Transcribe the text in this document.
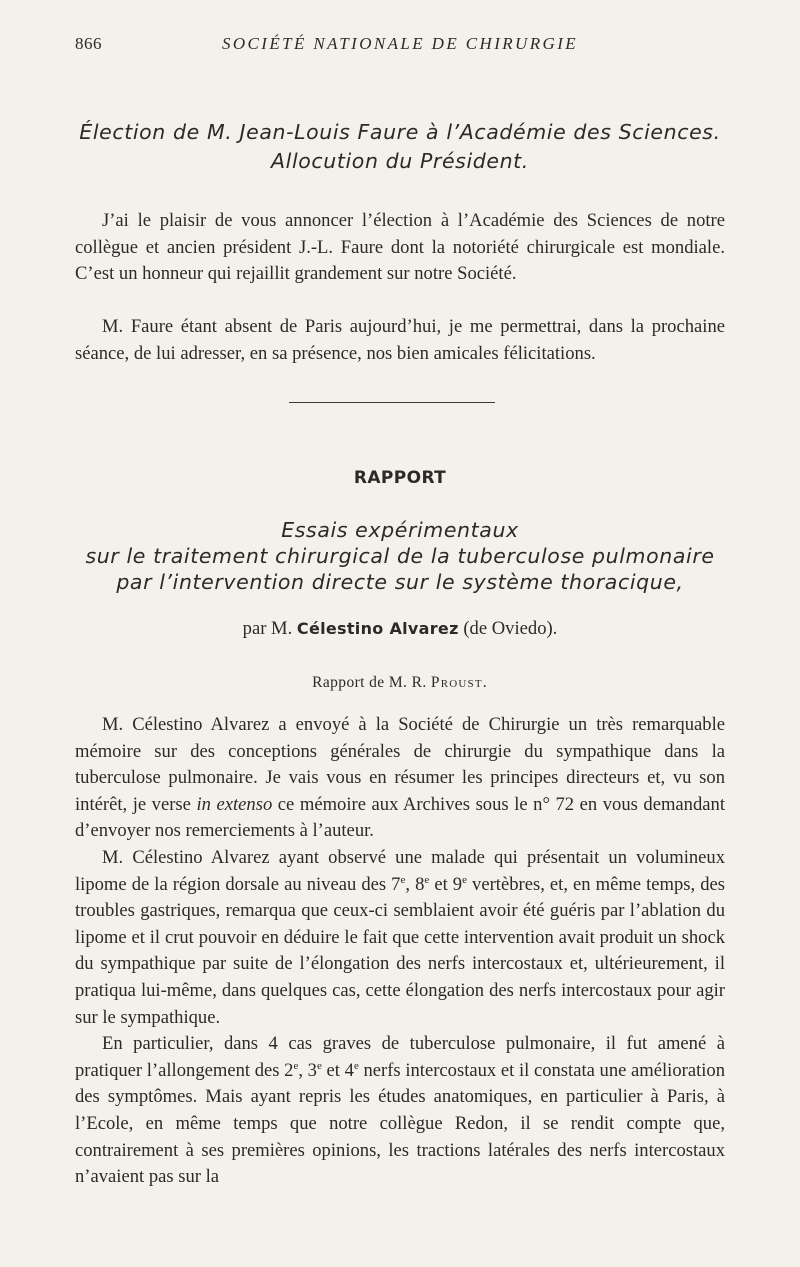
866	SOCIÉTÉ NATIONALE DE CHIRURGIE
Élection de M. Jean-Louis Faure à l’Académie des Sciences.
Allocution du Président.

J’ai le plaisir de vous annoncer l’élection à l’Académie des Sciences de notre collègue et ancien président J.-L. Faure dont la notoriété chirurgicale est mondiale. C’est un honneur qui rejaillit grandement sur notre Société.

M. Faure étant absent de Paris aujourd’hui, je me permettrai, dans la prochaine séance, de lui adresser, en sa présence, nos bien amicales félicitations.

RAPPORT
Essais expérimentaux
sur le traitement chirurgical de la tuberculose pulmonaire
par l’intervention directe sur le système thoracique,
par M. Célestino Alvarez (de Oviedo).
Rapport de M. R. Proust.

M. Célestino Alvarez a envoyé à la Société de Chirurgie un très remarquable mémoire sur des conceptions générales de chirurgie du sympathique dans la tuberculose pulmonaire. Je vais vous en résumer les principes directeurs et, vu son intérêt, je verse in extenso ce mémoire aux Archives sous le n° 72 en vous demandant d’envoyer nos remerciements à l’auteur.

M. Célestino Alvarez ayant observé une malade qui présentait un volumineux lipome de la région dorsale au niveau des 7e, 8e et 9e vertèbres, et, en même temps, des troubles gastriques, remarqua que ceux-ci semblaient avoir été guéris par l’ablation du lipome et il crut pouvoir en déduire le fait que cette intervention avait produit un shock du sympathique par suite de l’élongation des nerfs intercostaux et, ultérieurement, il pratiqua lui-même, dans quelques cas, cette élongation des nerfs intercostaux pour agir sur le sympathique.

En particulier, dans 4 cas graves de tuberculose pulmonaire, il fut amené à pratiquer l’allongement des 2e, 3e et 4e nerfs intercostaux et il constata une amélioration des symptômes. Mais ayant repris les études anatomiques, en particulier à Paris, à l’Ecole, en même temps que notre collègue Redon, il se rendit compte que, contrairement à ses premières opinions, les tractions latérales des nerfs intercostaux n’avaient pas sur la
